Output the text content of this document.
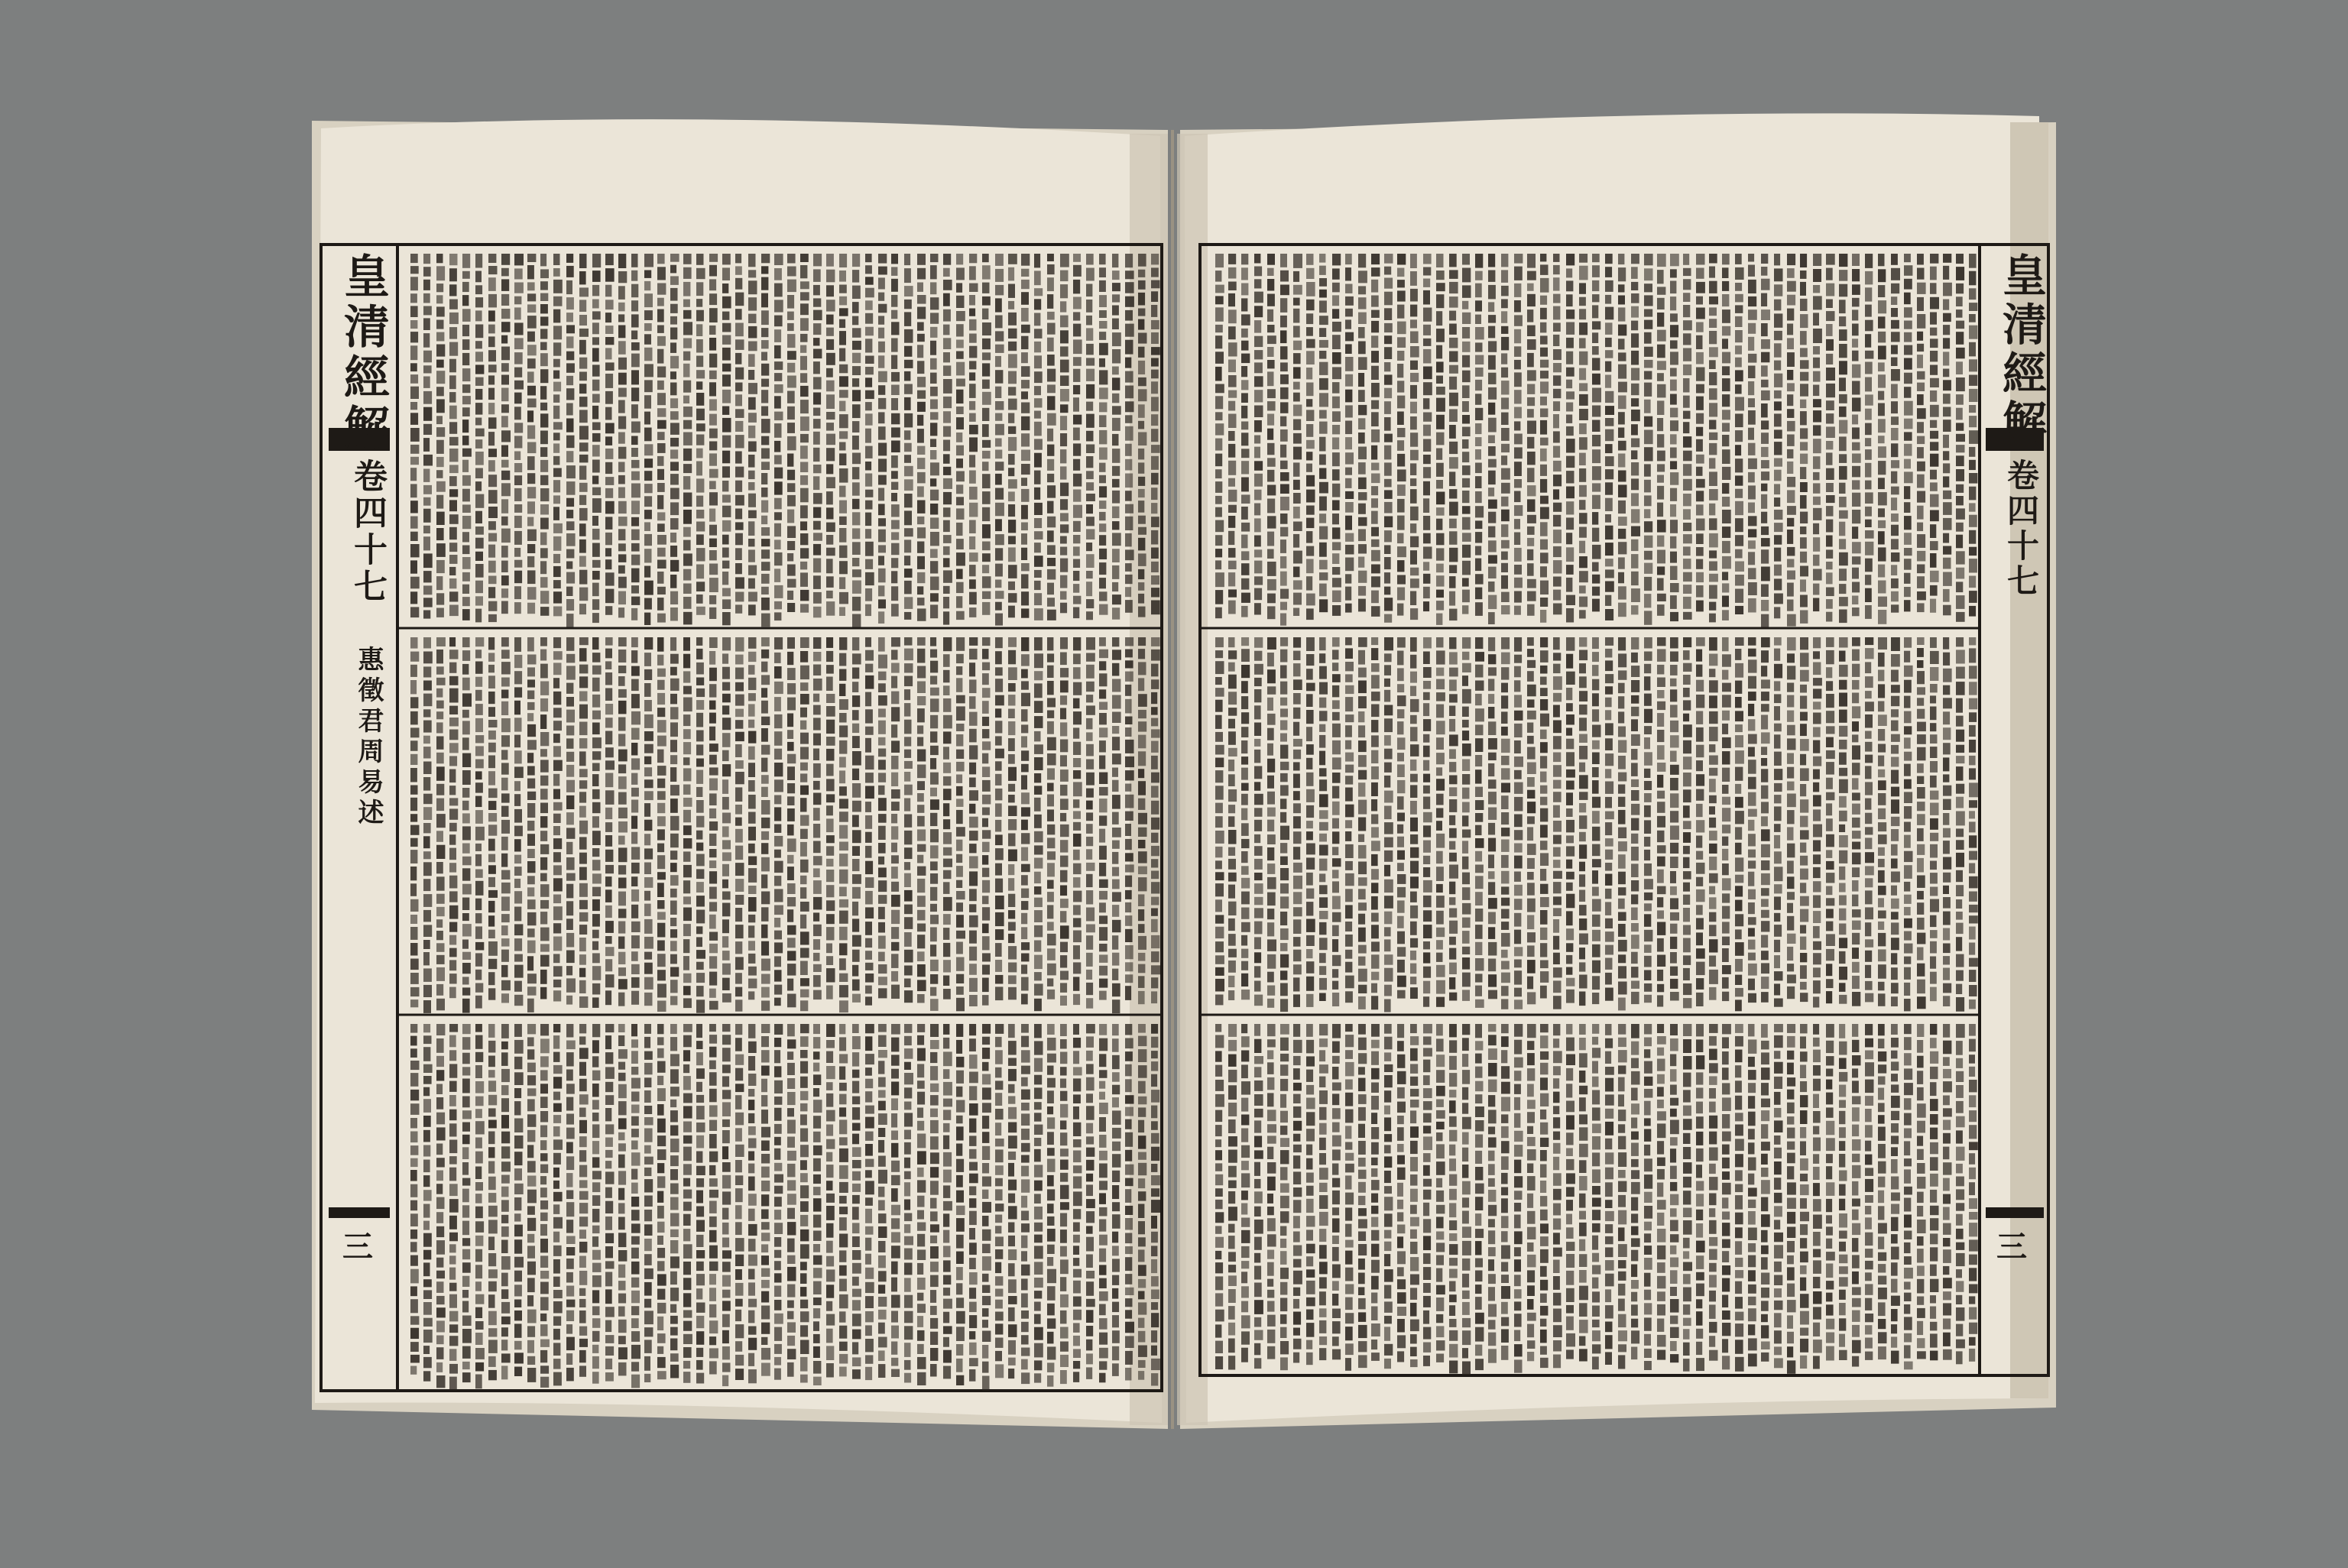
皇清經解
卷四十七
惠徵君周易述
三
皇清經解
卷四十七
三
